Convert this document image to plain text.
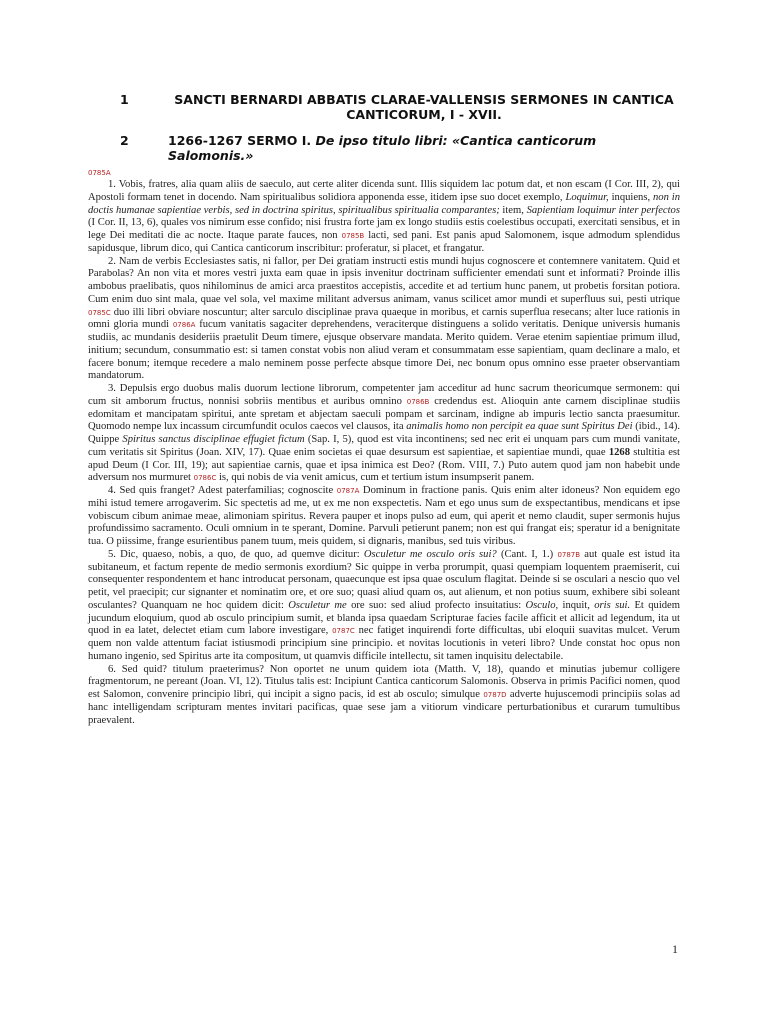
1	SANCTI BERNARDI ABBATIS CLARAE-VALLENSIS SERMONES IN CANTICA CANTICORUM, I - XVII.
2	1266-1267 SERMO I. De ipso titulo libri: «Cantica canticorum Salomonis.»
0785A

1. Vobis, fratres, alia quam aliis de saeculo, aut certe aliter dicenda sunt. Illis siquidem lac potum dat, et non escam (I Cor. III, 2), qui Apostoli formam tenet in docendo. Nam spiritualibus solidiora apponenda esse, itidem ipse suo docet exemplo, Loquimur, inquiens, non in doctis humanae sapientiae verbis, sed in doctrina spiritus, spiritualibus spiritualia comparantes; item, Sapientiam loquimur inter perfectos (I Cor. II, 13, 6), quales vos nimirum esse confido; nisi frustra forte jam ex longo studiis estis coelestibus occupati, exercitati sensibus, et in lege Dei meditati die ac nocte. Itaque parate fauces, non 0785B lacti, sed pani. Est panis apud Salomonem, isque admodum splendidus sapidusque, librum dico, qui Cantica canticorum inscribitur: proferatur, si placet, et frangatur.

2. Nam de verbis Ecclesiastes satis, ni fallor, per Dei gratiam instructi estis mundi hujus cognoscere et contemnere vanitatem. Quid et Parabolas? An non vita et mores vestri juxta eam quae in ipsis invenitur doctrinam sufficienter emendati sunt et informati? Proinde illis ambobus praelibatis, quos nihilominus de amici arca praestitos accepistis, accedite et ad tertium hunc panem, ut probetis forsitan potiora. Cum enim duo sint mala, quae vel sola, vel maxime militant adversus animam, vanus scilicet amor mundi et superfluus sui, pesti utrique 0785C duo illi libri obviare noscuntur; alter sarculo disciplinae prava quaeque in moribus, et carnis superflua resecans; alter luce rationis in omni gloria mundi 0786A fucum vanitatis sagaciter deprehendens, veraciterque distinguens a solido veritatis. Denique universis humanis studiis, ac mundanis desideriis praetulit Deum timere, ejusque observare mandata. Merito quidem. Verae etenim sapientiae primum illud, initium; secundum, consummatio est: si tamen constat vobis non aliud veram et consummatam esse sapientiam, quam declinare a malo, et facere bonum; itemque recedere a malo neminem posse perfecte absque timore Dei, nec bonum opus omnino esse praeter observantiam mandatorum.

3. Depulsis ergo duobus malis duorum lectione librorum, competenter jam acceditur ad hunc sacrum theoricumque sermonem: qui cum sit amborum fructus, nonnisi sobriis mentibus et auribus omnino 0786B credendus est. Alioquin ante carnem disciplinae studiis edomitam et mancipatam spiritui, ante spretam et abjectam saeculi pompam et sarcinam, indigne ab impuris lectio sancta praesumitur. Quomodo nempe lux incassum circumfundit oculos caecos vel clausos, ita animalis homo non percipit ea quae sunt Spiritus Dei (ibid., 14). Quippe Spiritus sanctus disciplinae effugiet fictum (Sap. I, 5), quod est vita incontinens; sed nec erit ei unquam pars cum mundi vanitate, cum veritatis sit Spiritus (Joan. XIV, 17). Quae enim societas ei quae desursum est sapientiae, et sapientiae mundi, quae 1268 stultitia est apud Deum (I Cor. III, 19); aut sapientiae carnis, quae et ipsa inimica est Deo? (Rom. VIII, 7.) Puto autem quod jam non habebit unde adversum nos murmuret 0786C is, qui nobis de via venit amicus, cum et tertium istum insumpserit panem.

4. Sed quis franget? Adest paterfamilias; cognoscite 0787A Dominum in fractione panis. Quis enim alter idoneus? Non equidem ego mihi istud temere arrogaverim. Sic spectetis ad me, ut ex me non exspectetis. Nam et ego unus sum de exspectantibus, mendicans et ipse vobiscum cibum animae meae, alimoniam spiritus. Revera pauper et inops pulso ad eum, qui aperit et nemo claudit, super sermonis hujus profundissimo sacramento. Oculi omnium in te sperant, Domine. Parvuli petierunt panem; non est qui frangat eis; speratur id a benignitate tua. O piissime, frange esurientibus panem tuum, meis quidem, si dignaris, manibus, sed tuis viribus.

5. Dic, quaeso, nobis, a quo, de quo, ad quemve dicitur: Osculetur me osculo oris sui? (Cant. I, 1.) 0787B aut quale est istud ita subitaneum, et factum repente de medio sermonis exordium? Sic quippe in verba prorumpit, quasi quempiam loquentem praemiserit, cui consequenter respondentem et hanc introducat personam, quaecunque est ipsa quae osculum flagitat. Deinde si se osculari a nescio quo vel petit, vel praecipit; cur signanter et nominatim ore, et ore suo; quasi aliud quam os, aut alienum, et non potius suum, exhibere sibi soleant osculantes? Quanquam ne hoc quidem dicit: Osculetur me ore suo: sed aliud profecto insuitatius: Osculo, inquit, oris sui. Et quidem jucundum eloquium, quod ab osculo principium sumit, et blanda ipsa quaedam Scripturae facies facile afficit et allicit ad legendum, ita ut quod in ea latet, delectet etiam cum labore investigare, 0787C nec fatiget inquirendi forte difficultas, ubi eloquii suavitas mulcet. Verum quem non valde attentum faciat istiusmodi principium sine principio. et novitas locutionis in veteri libro? Unde constat hoc opus non humano ingenio, sed Spiritus arte ita compositum, ut quamvis difficile intellectu, sit tamen inquisitu delectabile.

6. Sed quid? titulum praeterimus? Non oportet ne unum quidem iota (Matth. V, 18), quando et minutias jubemur colligere fragmentorum, ne pereant (Joan. VI, 12). Titulus talis est: Incipiunt Cantica canticorum Salomonis. Observa in primis Pacifici nomen, quod est Salomon, convenire principio libri, qui incipit a signo pacis, id est ab osculo; simulque 0787D adverte hujuscemodi principiis solas ad hanc intelligendam scripturam mentes invitari pacificas, quae sese jam a vitiorum vindicare perturbationibus et curarum tumultibus praevalent.

1
